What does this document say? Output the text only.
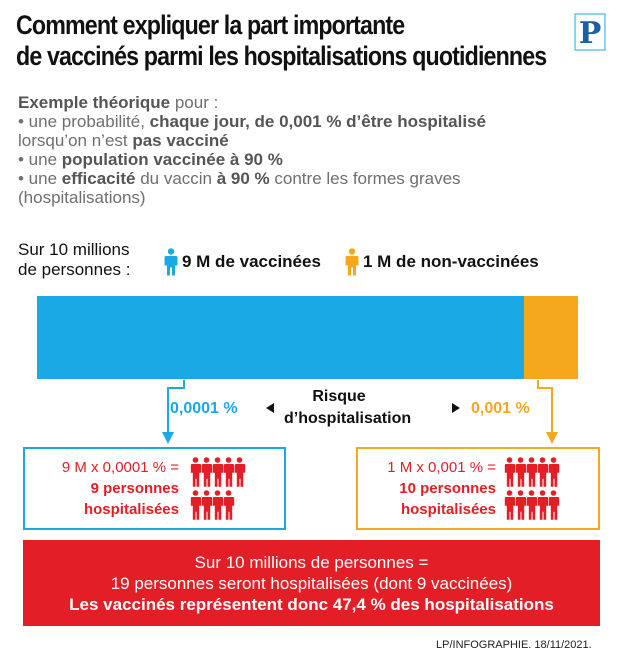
Comment expliquer la part importante
de vaccinés parmi les hospitalisations quotidiennes
P
Exemple théorique pour :
• une probabilité, chaque jour, de 0,001 % d’être hospitalisé
lorsqu’on n’est pas vacciné
• une population vaccinée à 90 %
• une efficacité du vaccin à 90 % contre les formes graves
(hospitalisations)
Sur 10 millions
de personnes :	9 M de vaccinées 1 M de non-vaccinées
0,0001 %	0,001 %
Risque
d’hospitalisation
9 M x 0,0001 % =
9 personnes
hospitalisées
1 M x 0,001 % =
10 personnes
hospitalisées
Sur 10 millions de personnes =
19 personnes seront hospitalisées (dont 9 vaccinées)
Les vaccinés représentent donc 47,4 % des hospitalisations
LP/INFOGRAPHIE. 18/11/2021.
